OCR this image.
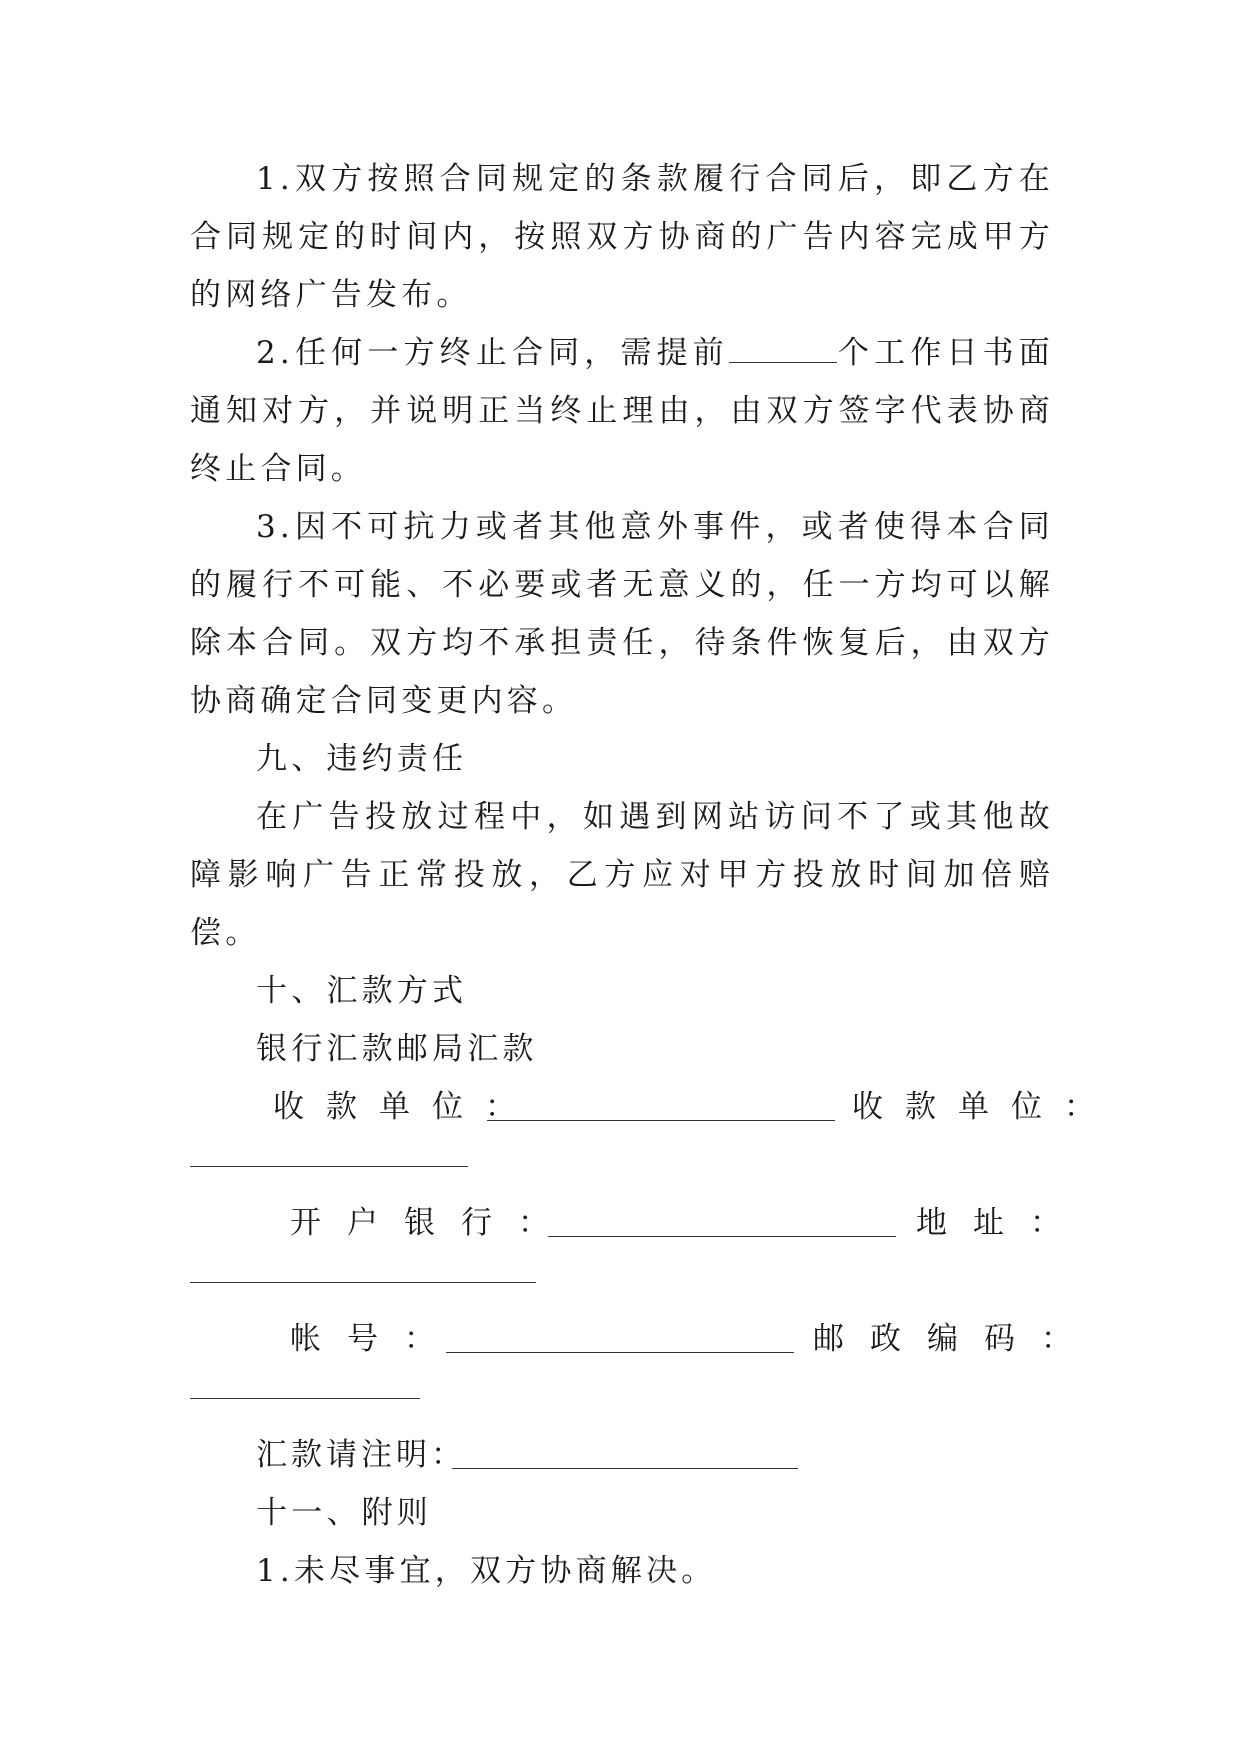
1.双方按照合同规定的条款履行合同后，即乙方在合同规定的时间内，按照双方协商的广告内容完成甲方的网络广告发布。

2.任何一方终止合同，需提前	个工作日书面通知对方，并说明正当终止理由，由双方签字代表协商终止合同。

3.因不可抗力或者其他意外事件，或者使得本合同的履行不可能、不必要或者无意义的，任一方均可以解除本合同。双方均不承担责任，待条件恢复后，由双方协商确定合同变更内容。

九、违约责任

在广告投放过程中，如遇到网站访问不了或其他故障影响广告正常投放，乙方应对甲方投放时间加倍赔偿。

十、汇款方式

银行汇款邮局汇款

收款单位：	收款单位：
开户银行：	地址：
帐号：	邮政编码：
汇款请注明：

十一、附则

1.未尽事宜，双方协商解决。
